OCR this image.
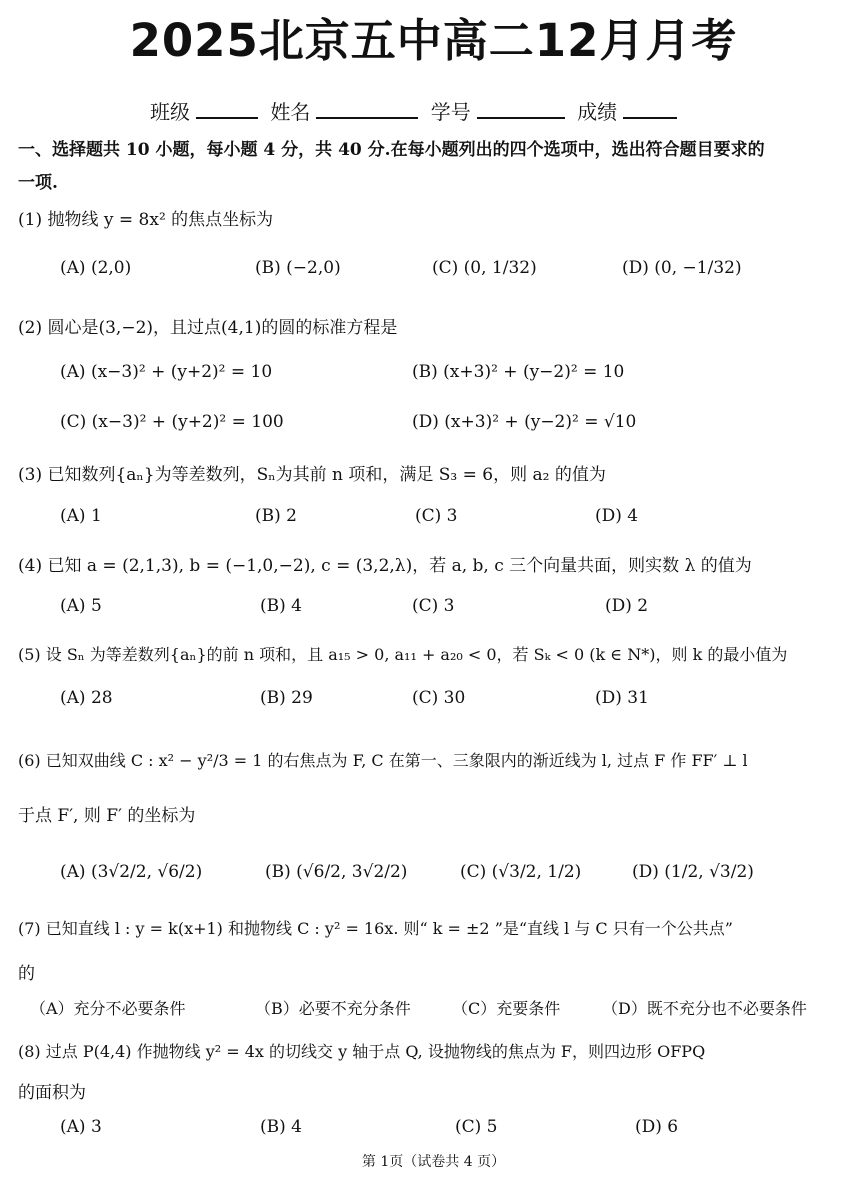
2025北京五中高二12月月考
班级	姓名	学号	成绩
一、选择题共 10 小题，每小题 4 分，共 40 分.在每小题列出的四个选项中，选出符合题目要求的
一项.
(1) 抛物线 y = 8x² 的焦点坐标为
(A) (2,0)	(B) (−2,0)	(C) (0, 1/32)	(D) (0, −1/32)
(2) 圆心是(3,−2)，且过点(4,1)的圆的标准方程是
(A) (x−3)² + (y+2)² = 10	(B) (x+3)² + (y−2)² = 10
(C) (x−3)² + (y+2)² = 100	(D) (x+3)² + (y−2)² = √10
(3) 已知数列{aₙ}为等差数列，Sₙ为其前 n 项和，满足 S₃ = 6，则 a₂ 的值为
(A) 1	(B) 2	(C) 3	(D) 4
(4) 已知 a = (2,1,3), b = (−1,0,−2), c = (3,2,λ)，若 a, b, c 三个向量共面，则实数 λ 的值为
(A) 5	(B) 4	(C) 3	(D) 2
(5) 设 Sₙ 为等差数列{aₙ}的前 n 项和，且 a₁₅ > 0, a₁₁ + a₂₀ < 0，若 Sₖ < 0 (k ∈ N*)，则 k 的最小值为
(A) 28	(B) 29	(C) 30	(D) 31
(6) 已知双曲线 C : x² − y²/3 = 1 的右焦点为 F, C 在第一、三象限内的渐近线为 l, 过点 F 作 FF′ ⊥ l
于点 F′, 则 F′ 的坐标为
(A) (3√2/2, √6/2)	(B) (√6/2, 3√2/2)	(C) (√3/2, 1/2)	(D) (1/2, √3/2)
(7) 已知直线 l : y = k(x+1) 和抛物线 C : y² = 16x. 则“ k = ±2 ”是“直线 l 与 C 只有一个公共点”
的
（A）充分不必要条件	（B）必要不充分条件	（C）充要条件	（D）既不充分也不必要条件
(8) 过点 P(4,4) 作抛物线 y² = 4x 的切线交 y 轴于点 Q, 设抛物线的焦点为 F，则四边形 OFPQ
的面积为
(A) 3	(B) 4	(C) 5	(D) 6
第 1页（试卷共 4 页）
